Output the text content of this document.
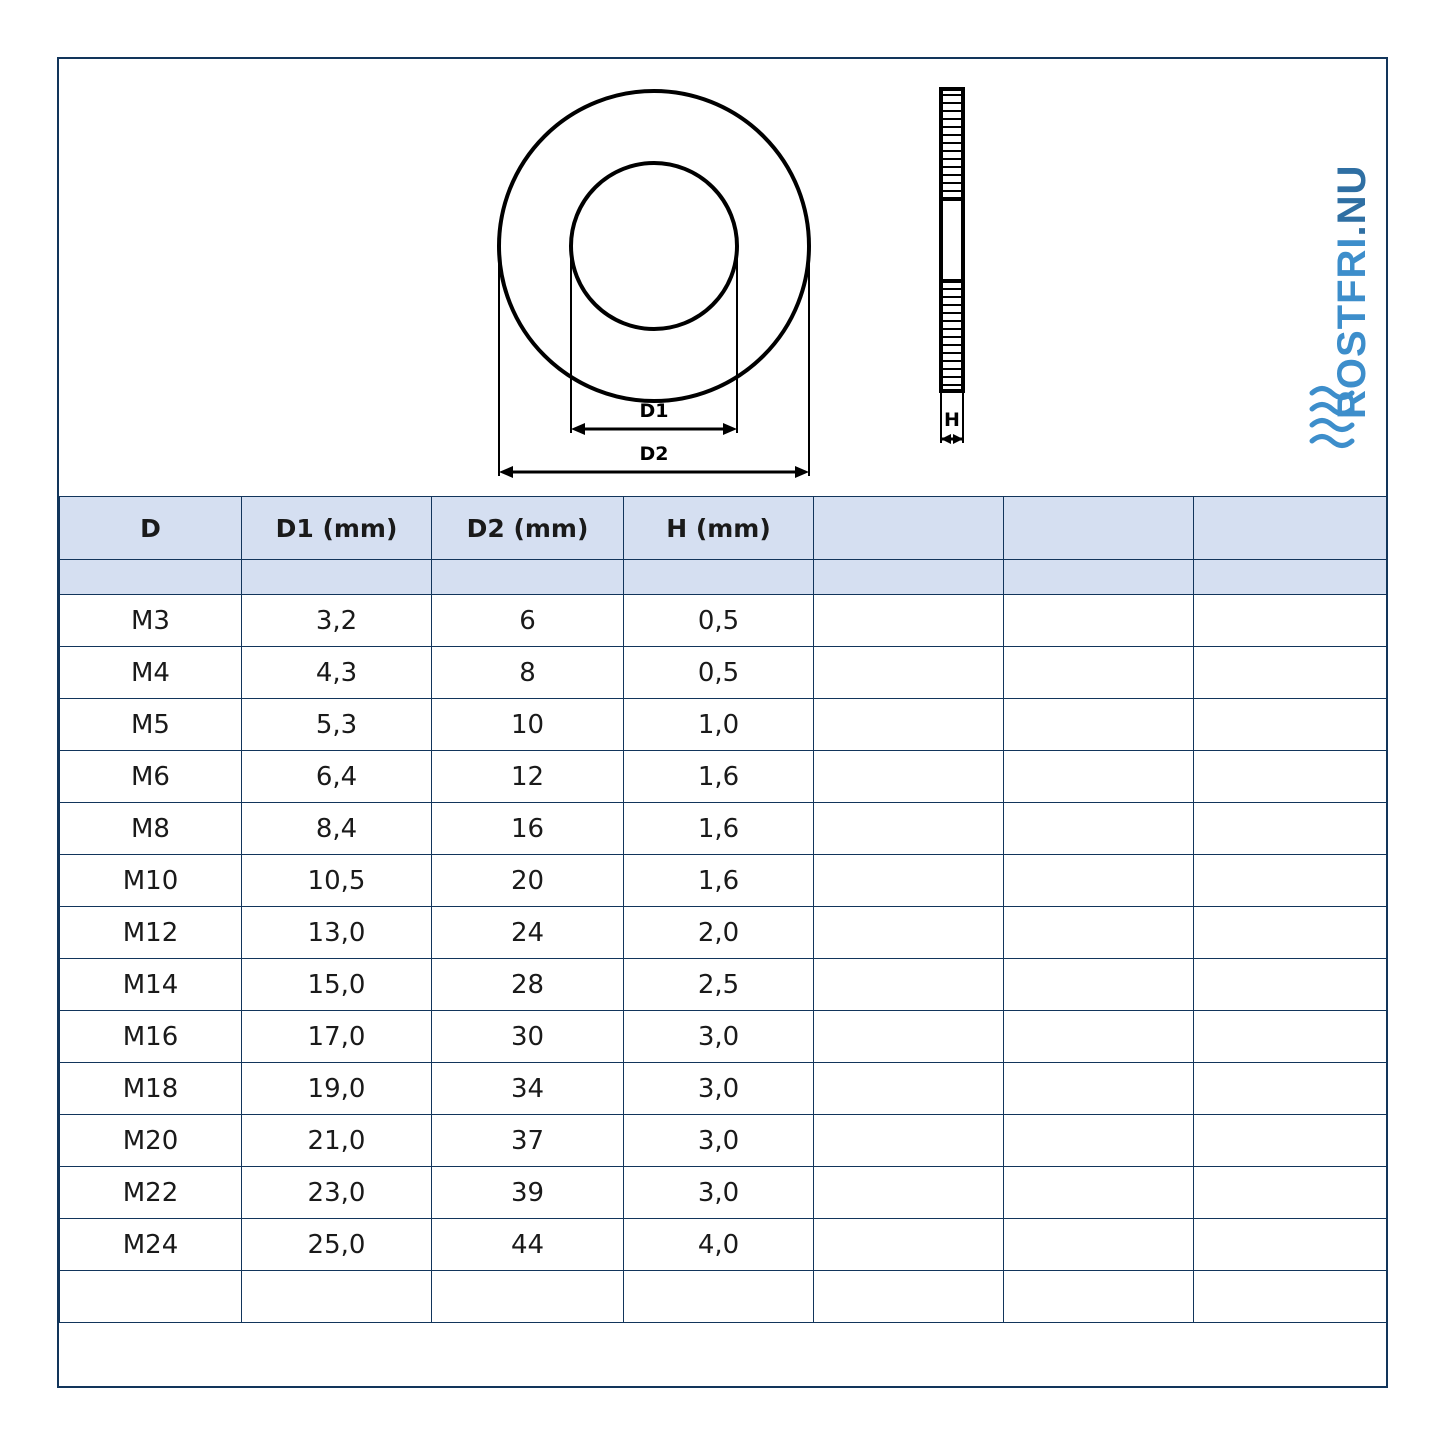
D1
D2
H
ROSTFRI.NU
D	D1 (mm)	D2 (mm)	H (mm)			

M3	3,2	6	0,5			
M4	4,3	8	0,5			
M5	5,3	10	1,0			
M6	6,4	12	1,6			
M8	8,4	16	1,6			
M10	10,5	20	1,6			
M12	13,0	24	2,0			
M14	15,0	28	2,5			
M16	17,0	30	3,0			
M18	19,0	34	3,0			
M20	21,0	37	3,0			
M22	23,0	39	3,0			
M24	25,0	44	4,0			
